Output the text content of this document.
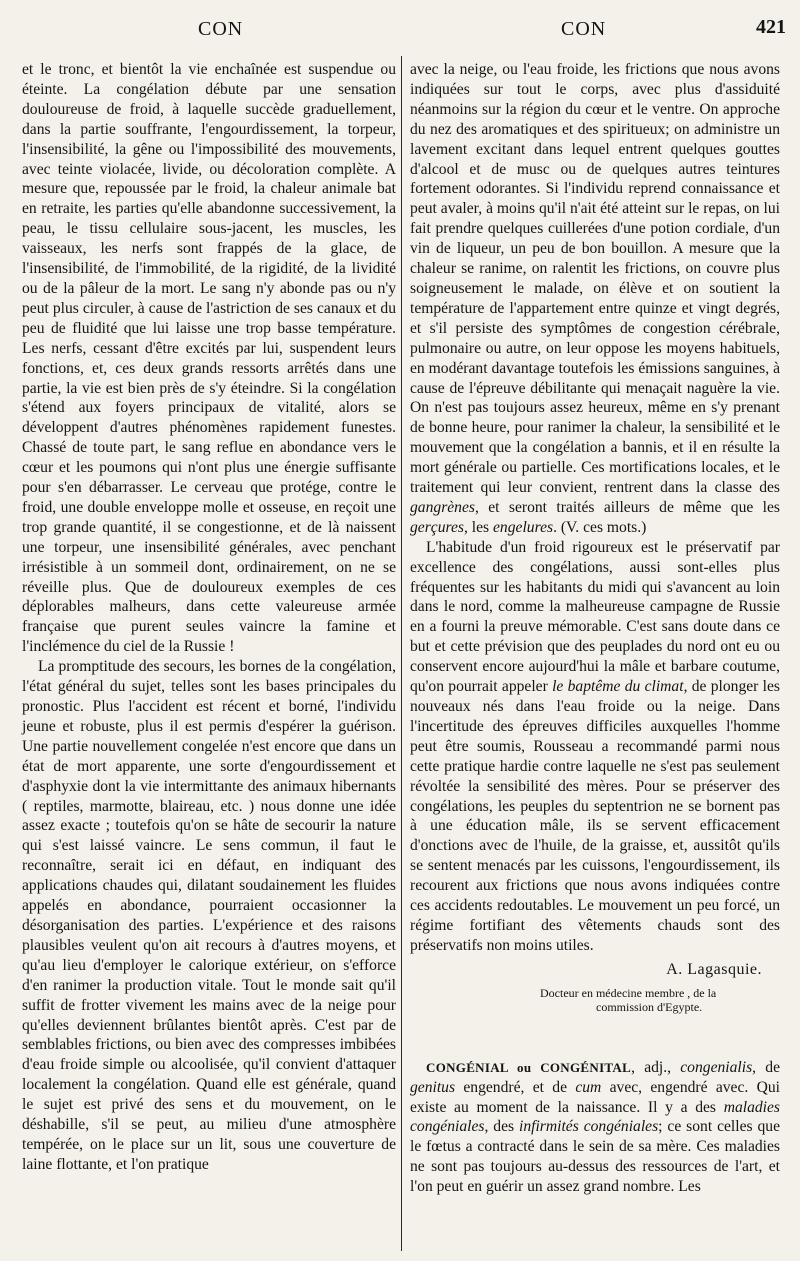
CON	CON	421

et le tronc, et bientôt la vie enchaînée est suspendue ou éteinte. La congélation débute par une sensation douloureuse de froid, à laquelle succède graduellement, dans la partie souffrante, l'engourdissement, la torpeur, l'insensibilité, la gêne ou l'impossibilité des mouvements, avec teinte violacée, livide, ou décoloration complète. A mesure que, repoussée par le froid, la chaleur animale bat en retraite, les parties qu'elle abandonne successivement, la peau, le tissu cellulaire sous-jacent, les muscles, les vaisseaux, les nerfs sont frappés de la glace, de l'insensibilité, de l'immobilité, de la rigidité, de la lividité ou de la pâleur de la mort. Le sang n'y abonde pas ou n'y peut plus circuler, à cause de l'astriction de ses canaux et du peu de fluidité que lui laisse une trop basse température. Les nerfs, cessant d'être excités par lui, suspendent leurs fonctions, et, ces deux grands ressorts arrêtés dans une partie, la vie est bien près de s'y éteindre. Si la congélation s'étend aux foyers principaux de vitalité, alors se développent d'autres phénomènes rapidement funestes. Chassé de toute part, le sang reflue en abondance vers le cœur et les poumons qui n'ont plus une énergie suffisante pour s'en débarrasser. Le cerveau que protége, contre le froid, une double enveloppe molle et osseuse, en reçoit une trop grande quantité, il se congestionne, et de là naissent une torpeur, une insensibilité générales, avec penchant irrésistible à un sommeil dont, ordinairement, on ne se réveille plus. Que de douloureux exemples de ces déplorables malheurs, dans cette valeureuse armée française que purent seules vaincre la famine et l'inclémence du ciel de la Russie !

La promptitude des secours, les bornes de la congélation, l'état général du sujet, telles sont les bases principales du pronostic. Plus l'accident est récent et borné, l'individu jeune et robuste, plus il est permis d'espérer la guérison. Une partie nouvellement congelée n'est encore que dans un état de mort apparente, une sorte d'engourdissement et d'asphyxie dont la vie intermittante des animaux hibernants ( reptiles, marmotte, blaireau, etc. ) nous donne une idée assez exacte ; toutefois qu'on se hâte de secourir la nature qui s'est laissé vaincre. Le sens commun, il faut le reconnaître, serait ici en défaut, en indiquant des applications chaudes qui, dilatant soudainement les fluides appelés en abondance, pourraient occasionner la désorganisation des parties. L'expérience et des raisons plausibles veulent qu'on ait recours à d'autres moyens, et qu'au lieu d'employer le calorique extérieur, on s'efforce d'en ranimer la production vitale. Tout le monde sait qu'il suffit de frotter vivement les mains avec de la neige pour qu'elles deviennent brûlantes bientôt après. C'est par de semblables frictions, ou bien avec des compresses imbibées d'eau froide simple ou alcoolisée, qu'il convient d'attaquer localement la congélation. Quand elle est générale, quand le sujet est privé des sens et du mouvement, on le déshabille, s'il se peut, au milieu d'une atmosphère tempérée, on le place sur un lit, sous une couverture de laine flottante, et l'on pratique

avec la neige, ou l'eau froide, les frictions que nous avons indiquées sur tout le corps, avec plus d'assiduité néanmoins sur la région du cœur et le ventre. On approche du nez des aromatiques et des spiritueux; on administre un lavement excitant dans lequel entrent quelques gouttes d'alcool et de musc ou de quelques autres teintures fortement odorantes. Si l'individu reprend connaissance et peut avaler, à moins qu'il n'ait été atteint sur le repas, on lui fait prendre quelques cuillerées d'une potion cordiale, d'un vin de liqueur, un peu de bon bouillon. A mesure que la chaleur se ranime, on ralentit les frictions, on couvre plus soigneusement le malade, on élève et on soutient la température de l'appartement entre quinze et vingt degrés, et s'il persiste des symptômes de congestion cérébrale, pulmonaire ou autre, on leur oppose les moyens habituels, en modérant davantage toutefois les émissions sanguines, à cause de l'épreuve débilitante qui menaçait naguère la vie. On n'est pas toujours assez heureux, même en s'y prenant de bonne heure, pour ranimer la chaleur, la sensibilité et le mouvement que la congélation a bannis, et il en résulte la mort générale ou partielle. Ces mortifications locales, et le traitement qui leur convient, rentrent dans la classe des gangrènes, et seront traités ailleurs de même que les gerçures, les engelures. (V. ces mots.)

L'habitude d'un froid rigoureux est le préservatif par excellence des congélations, aussi sont-elles plus fréquentes sur les habitants du midi qui s'avancent au loin dans le nord, comme la malheureuse campagne de Russie en a fourni la preuve mémorable. C'est sans doute dans ce but et cette prévision que des peuplades du nord ont eu ou conservent encore aujourd'hui la mâle et barbare coutume, qu'on pourrait appeler le baptême du climat, de plonger les nouveaux nés dans l'eau froide ou la neige. Dans l'incertitude des épreuves difficiles auxquelles l'homme peut être soumis, Rousseau a recommandé parmi nous cette pratique hardie contre laquelle ne s'est pas seulement révoltée la sensibilité des mères. Pour se préserver des congélations, les peuples du septentrion ne se bornent pas à une éducation mâle, ils se servent efficacement d'onctions avec de l'huile, de la graisse, et, aussitôt qu'ils se sentent menacés par les cuissons, l'engourdissement, ils recourent aux frictions que nous avons indiquées contre ces accidents redoutables. Le mouvement un peu forcé, un régime fortifiant des vêtements chauds sont des préservatifs non moins utiles.

A. Lagasquie.

Docteur en médecine membre , de la
commission d'Egypte.

CONGÉNIAL ou CONGÉNITAL, adj., congenialis, de genitus engendré, et de cum avec, engendré avec. Qui existe au moment de la naissance. Il y a des maladies congéniales, des infirmités congéniales; ce sont celles que le fœtus a contracté dans le sein de sa mère. Ces maladies ne sont pas toujours au-dessus des ressources de l'art, et l'on peut en guérir un assez grand nombre. Les
